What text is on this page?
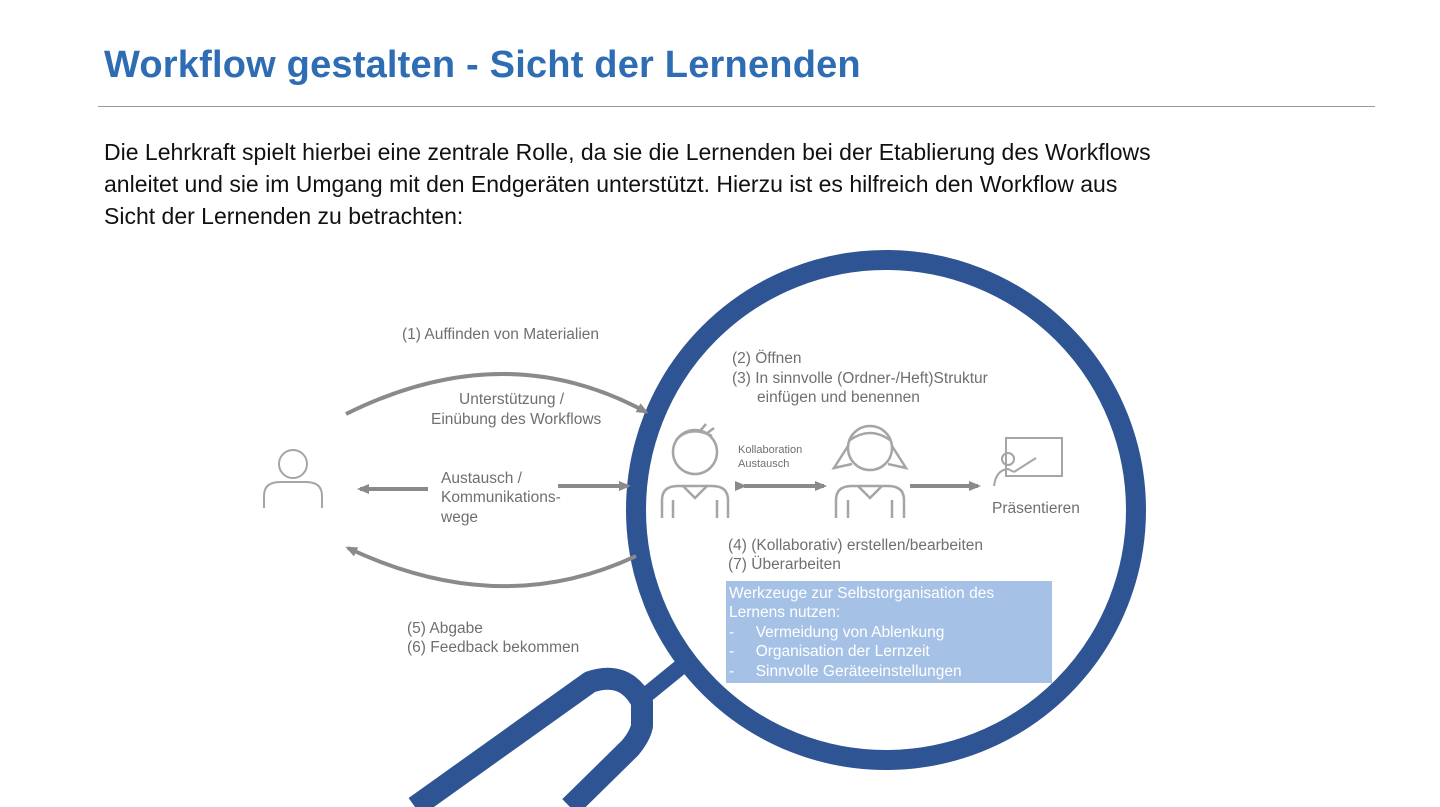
Workflow gestalten - Sicht der Lernenden

Die Lehrkraft spielt hierbei eine zentrale Rolle, da sie die Lernenden bei der Etablierung des Workflows
anleitet und sie im Umgang mit den Endgeräten unterstützt. Hierzu ist es hilfreich den Workflow aus
Sicht der Lernenden zu betrachten:

(1) Auffinden von Materialien
Unterstützung / Einübung des Workflows
Austausch / Kommunikations- wege
(5) Abgabe (6) Feedback bekommen
(2) Öffnen (3) In sinnvolle (Ordner-/Heft)Struktur einfügen und benennen
Kollaboration Austausch
Präsentieren
(4) (Kollaborativ) erstellen/bearbeiten (7) Überarbeiten
Werkzeuge zur Selbstorganisation des Lernens nutzen: -     Vermeidung von Ablenkung -     Organisation der Lernzeit -     Sinnvolle Geräteeinstellungen
